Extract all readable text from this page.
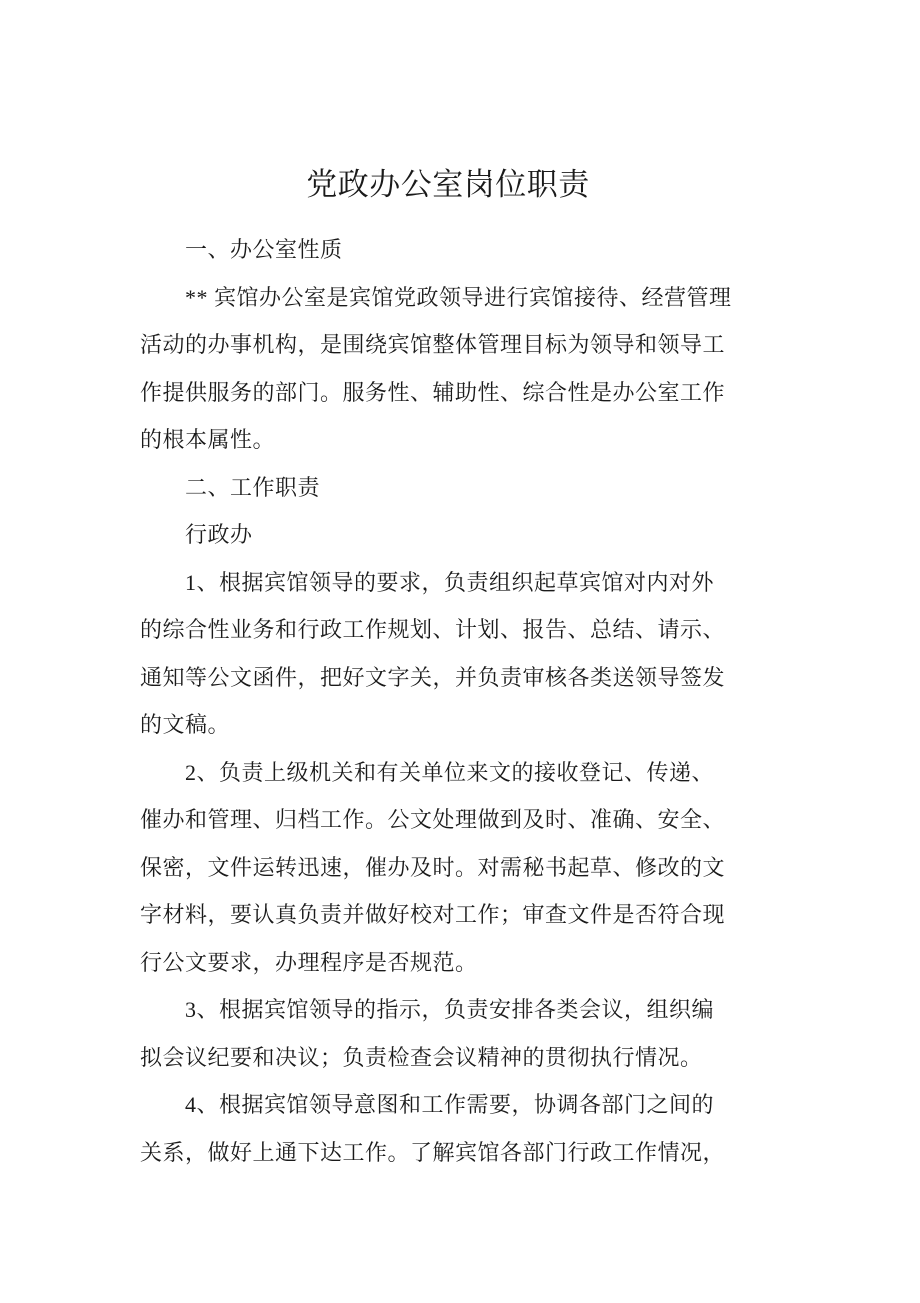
党政办公室岗位职责
一、办公室性质
** 宾馆办公室是宾馆党政领导进行宾馆接待、经营管理
活动的办事机构，是围绕宾馆整体管理目标为领导和领导工
作提供服务的部门。服务性、辅助性、综合性是办公室工作
的根本属性。
二、工作职责
行政办
1、根据宾馆领导的要求，负责组织起草宾馆对内对外
的综合性业务和行政工作规划、计划、报告、总结、请示、
通知等公文函件，把好文字关，并负责审核各类送领导签发
的文稿。
2、负责上级机关和有关单位来文的接收登记、传递、
催办和管理、归档工作。公文处理做到及时、准确、安全、
保密，文件运转迅速，催办及时。对需秘书起草、修改的文
字材料，要认真负责并做好校对工作；审查文件是否符合现
行公文要求，办理程序是否规范。
3、根据宾馆领导的指示，负责安排各类会议，组织编
拟会议纪要和决议；负责检查会议精神的贯彻执行情况。
4、根据宾馆领导意图和工作需要，协调各部门之间的
关系，做好上通下达工作。了解宾馆各部门行政工作情况，
